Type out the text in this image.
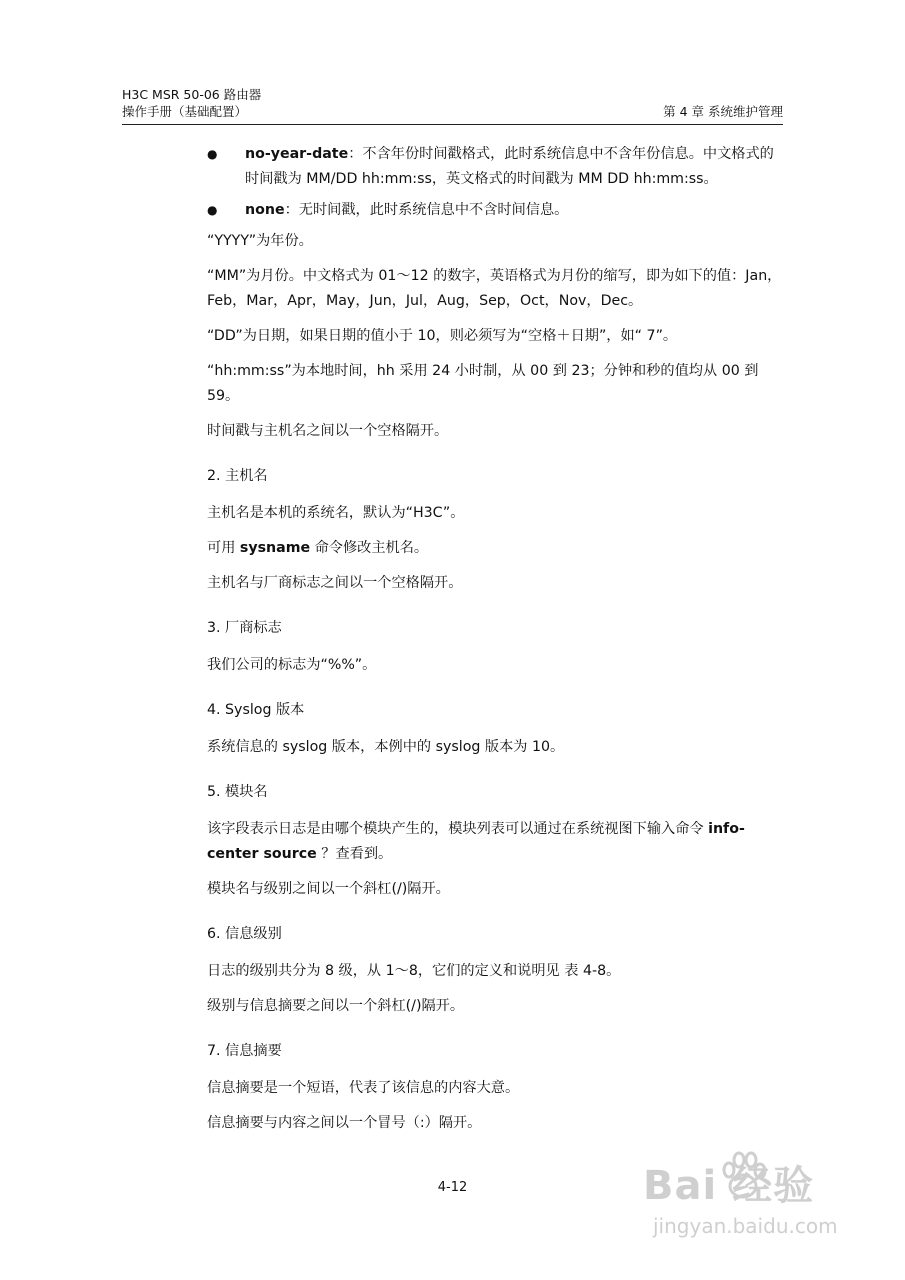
H3C MSR 50-06 路由器
操作手册（基础配置）	第 4 章 系统维护管理
● no-year-date：不含年份时间戳格式，此时系统信息中不含年份信息。中文格式的时间戳为 MM/DD hh:mm:ss，英文格式的时间戳为 MM DD hh:mm:ss。
● none：无时间戳，此时系统信息中不含时间信息。
“YYYY”为年份。
“MM”为月份。中文格式为 01～12 的数字，英语格式为月份的缩写，即为如下的值：Jan，Feb，Mar，Apr，May，Jun，Jul，Aug，Sep，Oct，Nov，Dec。
“DD”为日期，如果日期的值小于 10，则必须写为“空格＋日期”，如“ 7”。
“hh:mm:ss”为本地时间，hh 采用 24 小时制，从 00 到 23；分钟和秒的值均从 00 到 59。
时间戳与主机名之间以一个空格隔开。
2. 主机名
主机名是本机的系统名，默认为“H3C”。
可用 sysname 命令修改主机名。
主机名与厂商标志之间以一个空格隔开。
3. 厂商标志
我们公司的标志为“%%”。
4. Syslog 版本
系统信息的 syslog 版本，本例中的 syslog 版本为 10。
5. 模块名
该字段表示日志是由哪个模块产生的，模块列表可以通过在系统视图下输入命令 info-center source ？查看到。
模块名与级别之间以一个斜杠(/)隔开。
6. 信息级别
日志的级别共分为 8 级，从 1～8，它们的定义和说明见 表 4-8。
级别与信息摘要之间以一个斜杠(/)隔开。
7. 信息摘要
信息摘要是一个短语，代表了该信息的内容大意。
信息摘要与内容之间以一个冒号（:）隔开。
4-12	Bai 经验
jingyan.baidu.com
